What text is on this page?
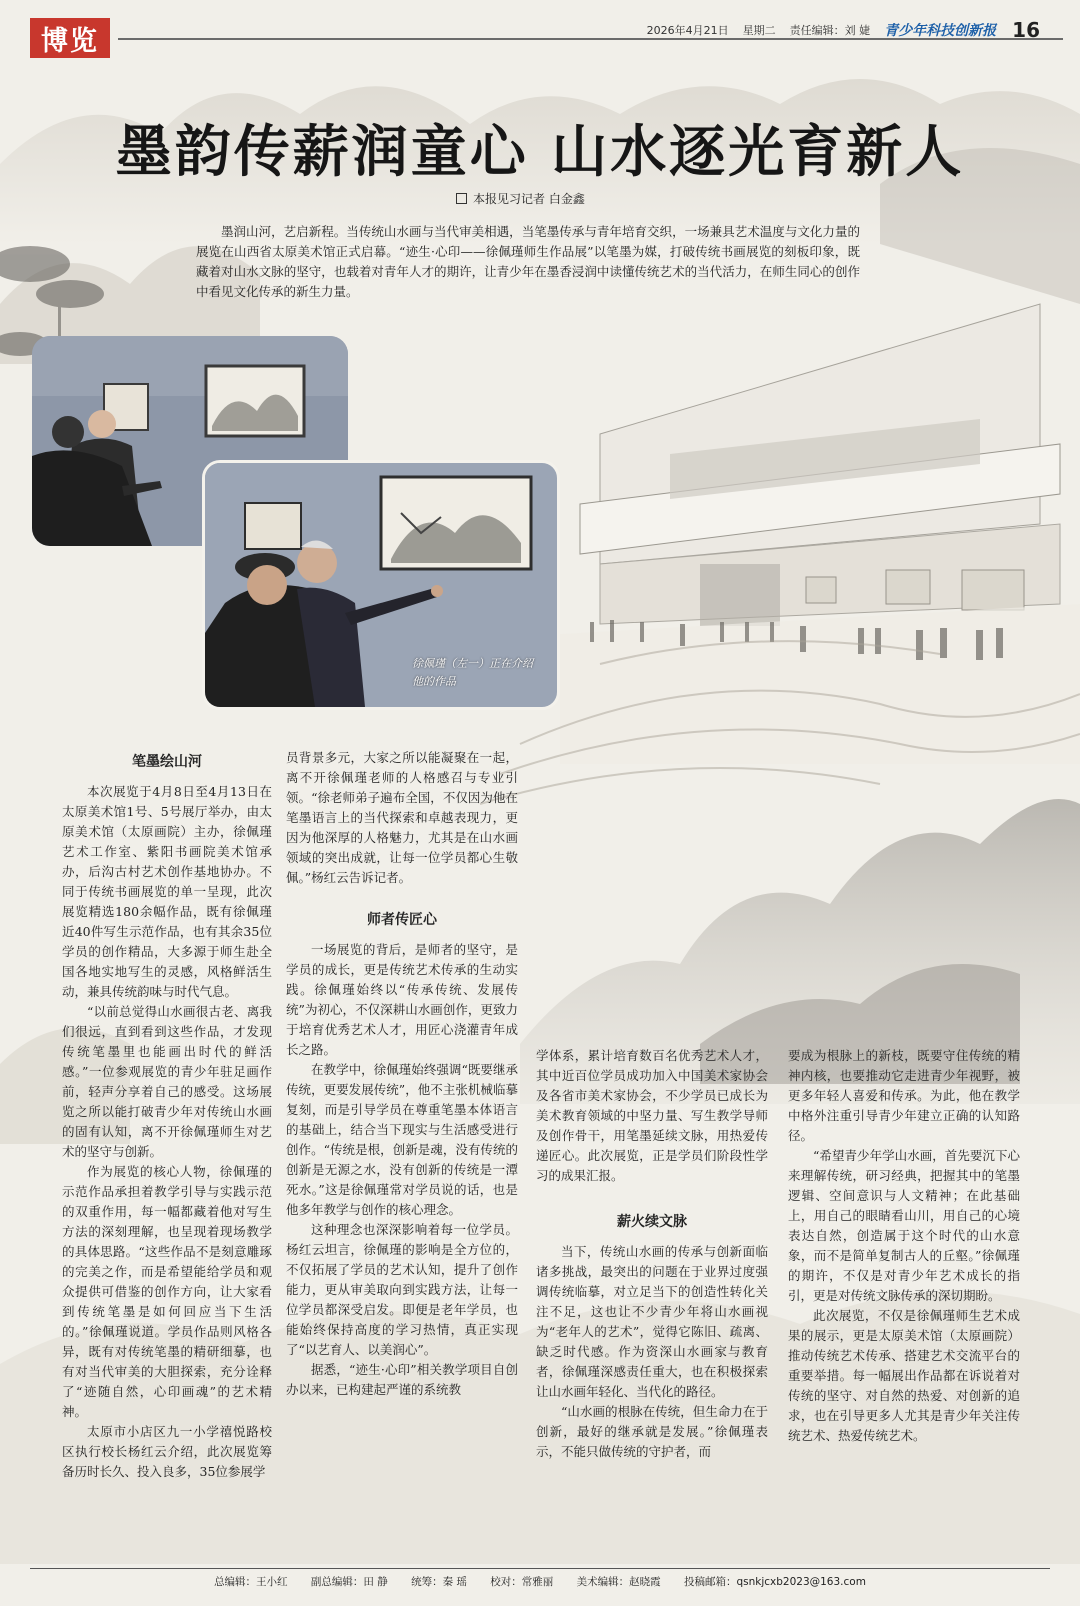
博览	2026年4月21日 星期二 责任编辑：刘 婕 青少年科技创新报 16
墨韵传薪润童心 山水逐光育新人
本报见习记者 白金鑫
墨润山河，艺启新程。当传统山水画与当代审美相遇，当笔墨传承与青年培育交织，一场兼具艺术温度与文化力量的展览在山西省太原美术馆正式启幕。“迹生·心印——徐佩瑾师生作品展”以笔墨为媒，打破传统书画展览的刻板印象，既藏着对山水文脉的坚守，也载着对青年人才的期许，让青少年在墨香浸润中读懂传统艺术的当代活力，在师生同心的创作中看见文化传承的新生力量。
徐佩瑾（左一）正在介绍他的作品
笔墨绘山河

本次展览于4月8日至4月13日在太原美术馆1号、5号展厅举办，由太原美术馆（太原画院）主办，徐佩瑾艺术工作室、紫阳书画院美术馆承办，后沟古村艺术创作基地协办。不同于传统书画展览的单一呈现，此次展览精选180余幅作品，既有徐佩瑾近40件写生示范作品，也有其余35位学员的创作精品，大多源于师生赴全国各地实地写生的灵感，风格鲜活生动，兼具传统韵味与时代气息。

“以前总觉得山水画很古老、离我们很远，直到看到这些作品，才发现传统笔墨里也能画出时代的鲜活感。”一位参观展览的青少年驻足画作前，轻声分享着自己的感受。这场展览之所以能打破青少年对传统山水画的固有认知，离不开徐佩瑾师生对艺术的坚守与创新。

作为展览的核心人物，徐佩瑾的示范作品承担着教学引导与实践示范的双重作用，每一幅都藏着他对写生方法的深刻理解，也呈现着现场教学的具体思路。“这些作品不是刻意雕琢的完美之作，而是希望能给学员和观众提供可借鉴的创作方向，让大家看到传统笔墨是如何回应当下生活的。”徐佩瑾说道。学员作品则风格各异，既有对传统笔墨的精研细摹，也有对当代审美的大胆探索，充分诠释了“迹随自然，心印画魂”的艺术精神。

太原市小店区九一小学禧悦路校区执行校长杨红云介绍，此次展览筹备历时长久、投入良多，35位参展学

员背景多元，大家之所以能凝聚在一起，离不开徐佩瑾老师的人格感召与专业引领。“徐老师弟子遍布全国，不仅因为他在笔墨语言上的当代探索和卓越表现力，更因为他深厚的人格魅力，尤其是在山水画领域的突出成就，让每一位学员都心生敬佩。”杨红云告诉记者。

师者传匠心

一场展览的背后，是师者的坚守，是学员的成长，更是传统艺术传承的生动实践。徐佩瑾始终以“传承传统、发展传统”为初心，不仅深耕山水画创作，更致力于培育优秀艺术人才，用匠心浇灌青年成长之路。

在教学中，徐佩瑾始终强调“既要继承传统，更要发展传统”，他不主张机械临摹复刻，而是引导学员在尊重笔墨本体语言的基础上，结合当下现实与生活感受进行创作。“传统是根，创新是魂，没有传统的创新是无源之水，没有创新的传统是一潭死水。”这是徐佩瑾常对学员说的话，也是他多年教学与创作的核心理念。

这种理念也深深影响着每一位学员。杨红云坦言，徐佩瑾的影响是全方位的，不仅拓展了学员的艺术认知，提升了创作能力，更从审美取向到实践方法，让每一位学员都深受启发。即便是老年学员，也能始终保持高度的学习热情，真正实现了“以艺育人、以美润心”。

据悉，“迹生·心印”相关教学项目自创办以来，已构建起严谨的系统教

学体系，累计培育数百名优秀艺术人才，其中近百位学员成功加入中国美术家协会及各省市美术家协会，不少学员已成长为美术教育领域的中坚力量、写生教学导师及创作骨干，用笔墨延续文脉，用热爱传递匠心。此次展览，正是学员们阶段性学习的成果汇报。

薪火续文脉

当下，传统山水画的传承与创新面临诸多挑战，最突出的问题在于业界过度强调传统临摹，对立足当下的创造性转化关注不足，这也让不少青少年将山水画视为“老年人的艺术”，觉得它陈旧、疏离、缺乏时代感。作为资深山水画家与教育者，徐佩瑾深感责任重大，也在积极探索让山水画年轻化、当代化的路径。

“山水画的根脉在传统，但生命力在于创新，最好的继承就是发展。”徐佩瑾表示，不能只做传统的守护者，而

要成为根脉上的新枝，既要守住传统的精神内核，也要推动它走进青少年视野，被更多年轻人喜爱和传承。为此，他在教学中格外注重引导青少年建立正确的认知路径。

“希望青少年学山水画，首先要沉下心来理解传统，研习经典，把握其中的笔墨逻辑、空间意识与人文精神；在此基础上，用自己的眼睛看山川，用自己的心境表达自然，创造属于这个时代的山水意象，而不是简单复制古人的丘壑。”徐佩瑾的期许，不仅是对青少年艺术成长的指引，更是对传统文脉传承的深切期盼。

此次展览，不仅是徐佩瑾师生艺术成果的展示，更是太原美术馆（太原画院）推动传统艺术传承、搭建艺术交流平台的重要举措。每一幅展出作品都在诉说着对传统的坚守、对自然的热爱、对创新的追求，也在引导更多人尤其是青少年关注传统艺术、热爱传统艺术。

总编辑：王小红 副总编辑：田 静 统筹：秦 瑶 校对：常雅丽 美术编辑：赵晓霞 投稿邮箱：qsnkjcxb2023@163.com
